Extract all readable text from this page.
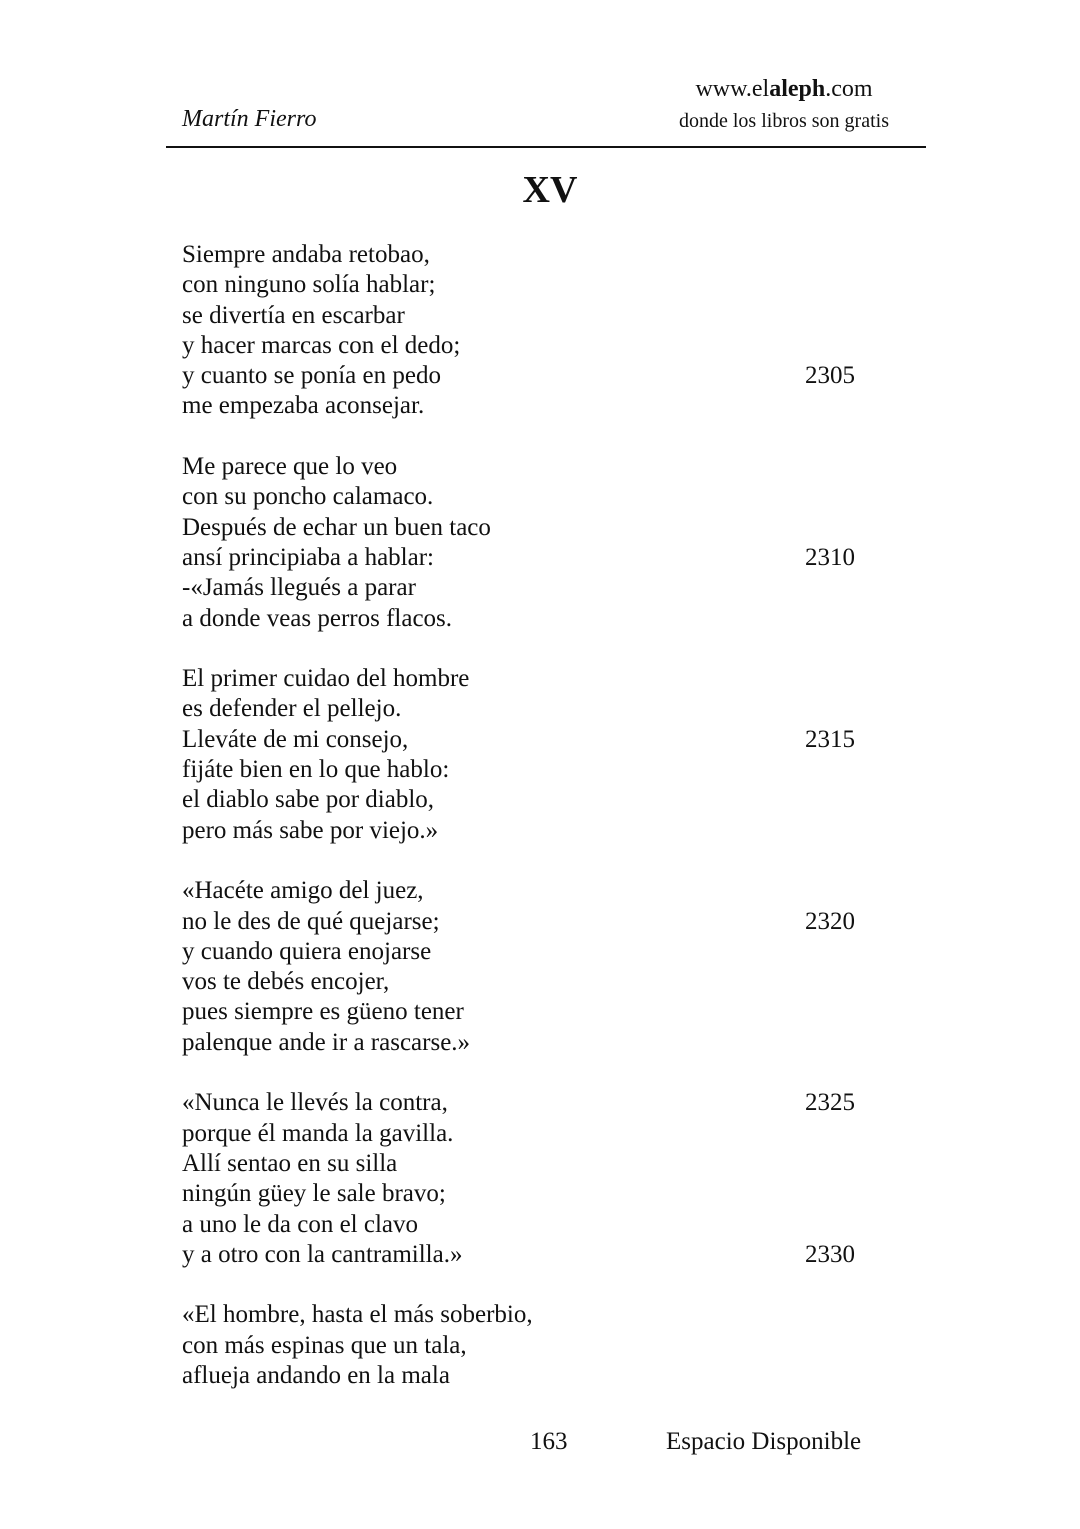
Martín Fierro
www.elaleph.com
donde los libros son gratis
XV
Siempre andaba retobao,
con ninguno solía hablar;
se divertía en escarbar
y hacer marcas con el dedo;
y cuanto se ponía en pedo	2305
me empezaba aconsejar.
Me parece que lo veo
con su poncho calamaco.
Después de echar un buen taco
ansí principiaba a hablar:	2310
-«Jamás llegués a parar
a donde veas perros flacos.
El primer cuidao del hombre
es defender el pellejo.
Lleváte de mi consejo,	2315
fijáte bien en lo que hablo:
el diablo sabe por diablo,
pero más sabe por viejo.»
«Hacéte amigo del juez,
no le des de qué quejarse;	2320
y cuando quiera enojarse
vos te debés encojer,
pues siempre es güeno tener
palenque ande ir a rascarse.»
«Nunca le llevés la contra,	2325
porque él manda la gavilla.
Allí sentao en su silla
ningún güey le sale bravo;
a uno le da con el clavo
y a otro con la cantramilla.»	2330
«El hombre, hasta el más soberbio,
con más espinas que un tala,
aflueja andando en la mala
163	Espacio Disponible
